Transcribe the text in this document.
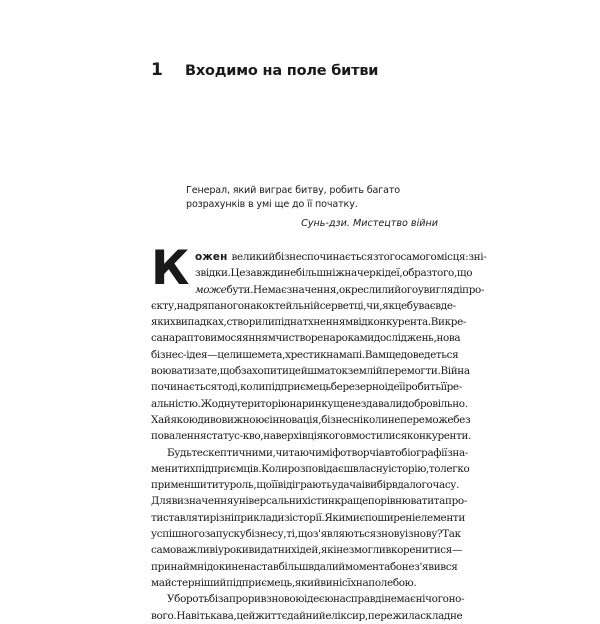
1	Входимо на поле битви

Генерал, який виграє битву, робить багато розрахунків в умі ще до її початку.

Сунь-дзи. Мистецтво війни
К ожен великий бізнес починається з того самого місця: з ні-
звідки. Це завжди не більш ніж начерк ідеї, образ того, що
може бути. Не має значення, окреслили його у вигляді про-
єкту, надряпаного на коктейльній серветці, чи, як це буває в де-
яких випадках, створили під натхненням від конкурента. Викре-
сана раптовим осяянням чи створена роками досліджень, нова
бізнес-ідея — це лише мета, хрестик на мапі. Вам ще доведеться
воювати за те, щоб захопити цей шматок землі й перемогти. Війна
починається тоді, коли підприємець бере зерно ідеї і робить її ре-
альністю. Жодну територію на ринку ще не здавали добровільно.
Хай якою дивовижною є інновація, бізнес ніколи не переможе без
повалення статус-кво, на верхівці якого вмостилися конкуренти.
Будьте скептичними, читаючи міфотворчі автобіографії зна-
менитих підприємців. Коли розповідаєш власну історію, то легко
применшити ту роль, що її відіграють удача і вибір вдалого часу.
Для визначення універсальних істин краще порівнювати та про-
тиставляти різні приклади з історії. Якими є поширені елементи
успішного запуску бізнесу, ті, що з'являються знову і знову? Так
само важливі уроки видатних ідей, які не змогли вкоренитися —
принаймні доки не настав більш вдалий момент або не з'явився
майстерніший підприємець, який виніс їх на поле бою.
У боротьбі за прорив з новою ідеєю насправді немає нічого но-
вого. Навіть кава, цей життєдайний еліксир, пережила складне
